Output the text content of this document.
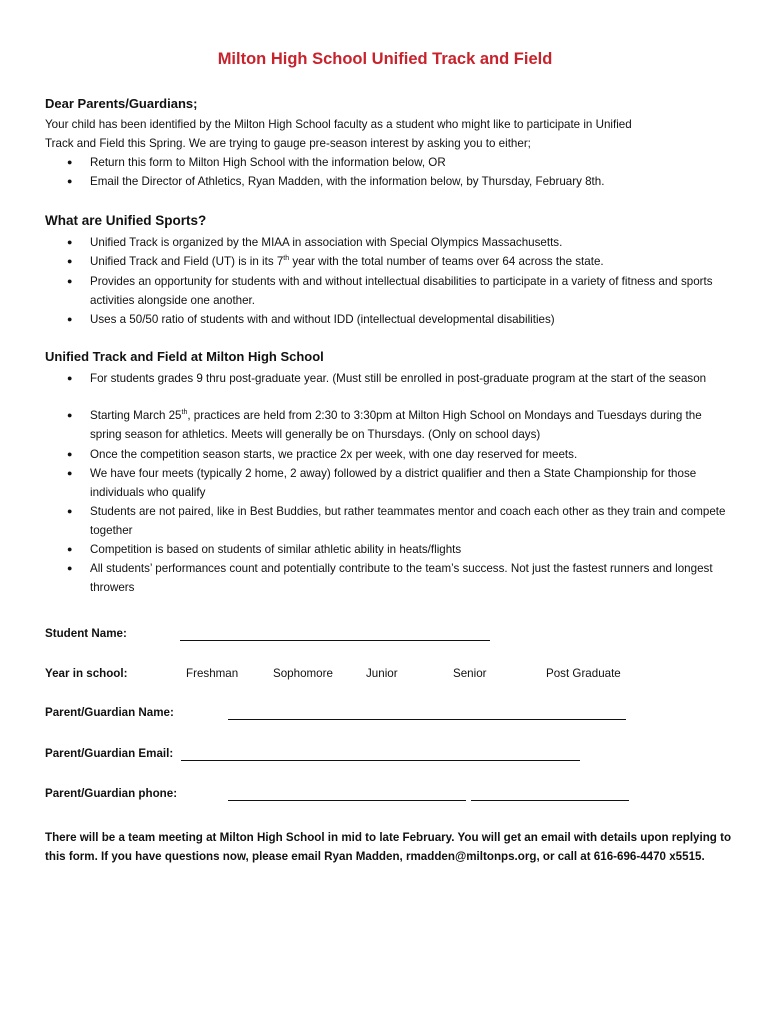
Milton High School Unified Track and Field
Dear Parents/Guardians;
Your child has been identified by the Milton High School faculty as a student who might like to participate in Unified
Track and Field this Spring. We are trying to gauge pre-season interest by asking you to either;
● Return this form to Milton High School with the information below, OR
● Email the Director of Athletics, Ryan Madden, with the information below, by Thursday, February 8th.
What are Unified Sports?
● Unified Track is organized by the MIAA in association with Special Olympics Massachusetts.
● Unified Track and Field (UT) is in its 7th year with the total number of teams over 64 across the state.
● Provides an opportunity for students with and without intellectual disabilities to participate in a variety of fitness and sports activities alongside one another.
● Uses a 50/50 ratio of students with and without IDD (intellectual developmental disabilities)
Unified Track and Field at Milton High School
● For students grades 9 thru post-graduate year. (Must still be enrolled in post-graduate program at the start of the season
● Starting March 25th, practices are held from 2:30 to 3:30pm at Milton High School on Mondays and Tuesdays during the spring season for athletics. Meets will generally be on Thursdays. (Only on school days)
● Once the competition season starts, we practice 2x per week, with one day reserved for meets.
● We have four meets (typically 2 home, 2 away) followed by a district qualifier and then a State Championship for those individuals who qualify
● Students are not paired, like in Best Buddies, but rather teammates mentor and coach each other as they train and compete together
● Competition is based on students of similar athletic ability in heats/flights
● All students’ performances count and potentially contribute to the team’s success. Not just the fastest runners and longest throwers
Student Name:
Year in school:	Freshman	Sophomore	Junior	Senior	Post Graduate
Parent/Guardian Name:
Parent/Guardian Email:
Parent/Guardian phone:
There will be a team meeting at Milton High School in mid to late February. You will get an email with details upon replying to this form. If you have questions now, please email Ryan Madden, rmadden@miltonps.org, or call at 616-696-4470 x5515.
